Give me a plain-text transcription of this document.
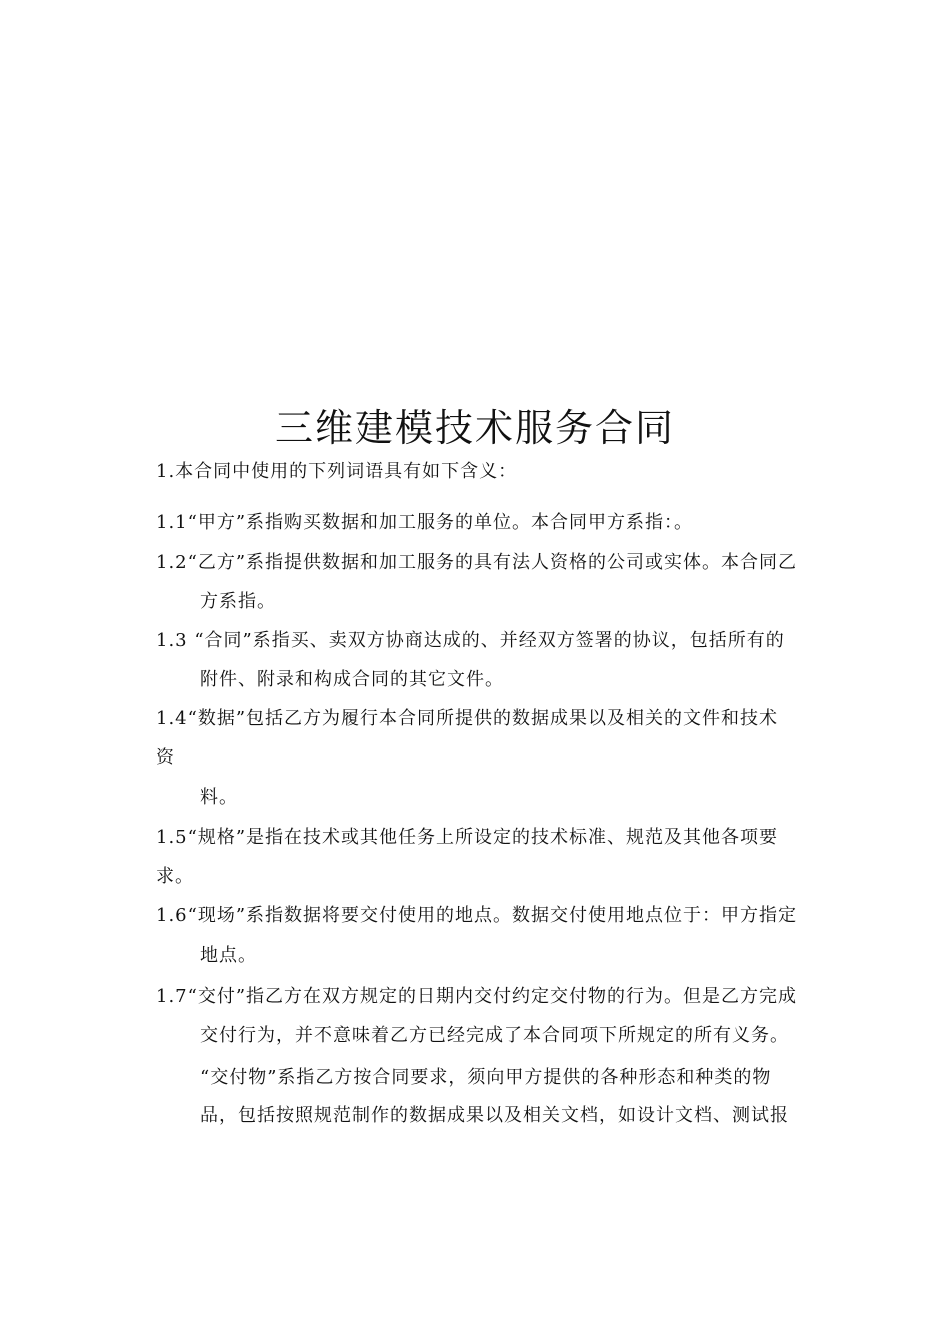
三维建模技术服务合同
1.本合同中使用的下列词语具有如下含义：
1.1“甲方”系指购买数据和加工服务的单位。本合同甲方系指：。
1.2“乙方”系指提供数据和加工服务的具有法人资格的公司或实体。本合同乙
方系指。
1.3 “合同”系指买、卖双方协商达成的、并经双方签署的协议，包括所有的
附件、附录和构成合同的其它文件。
1.4“数据”包括乙方为履行本合同所提供的数据成果以及相关的文件和技术
资
料。
1.5“规格”是指在技术或其他任务上所设定的技术标准、规范及其他各项要
求。
1.6“现场”系指数据将要交付使用的地点。数据交付使用地点位于：甲方指定
地点。
1.7“交付”指乙方在双方规定的日期内交付约定交付物的行为。但是乙方完成
交付行为，并不意味着乙方已经完成了本合同项下所规定的所有义务。
“交付物”系指乙方按合同要求，须向甲方提供的各种形态和种类的物
品，包括按照规范制作的数据成果以及相关文档，如设计文档、测试报
